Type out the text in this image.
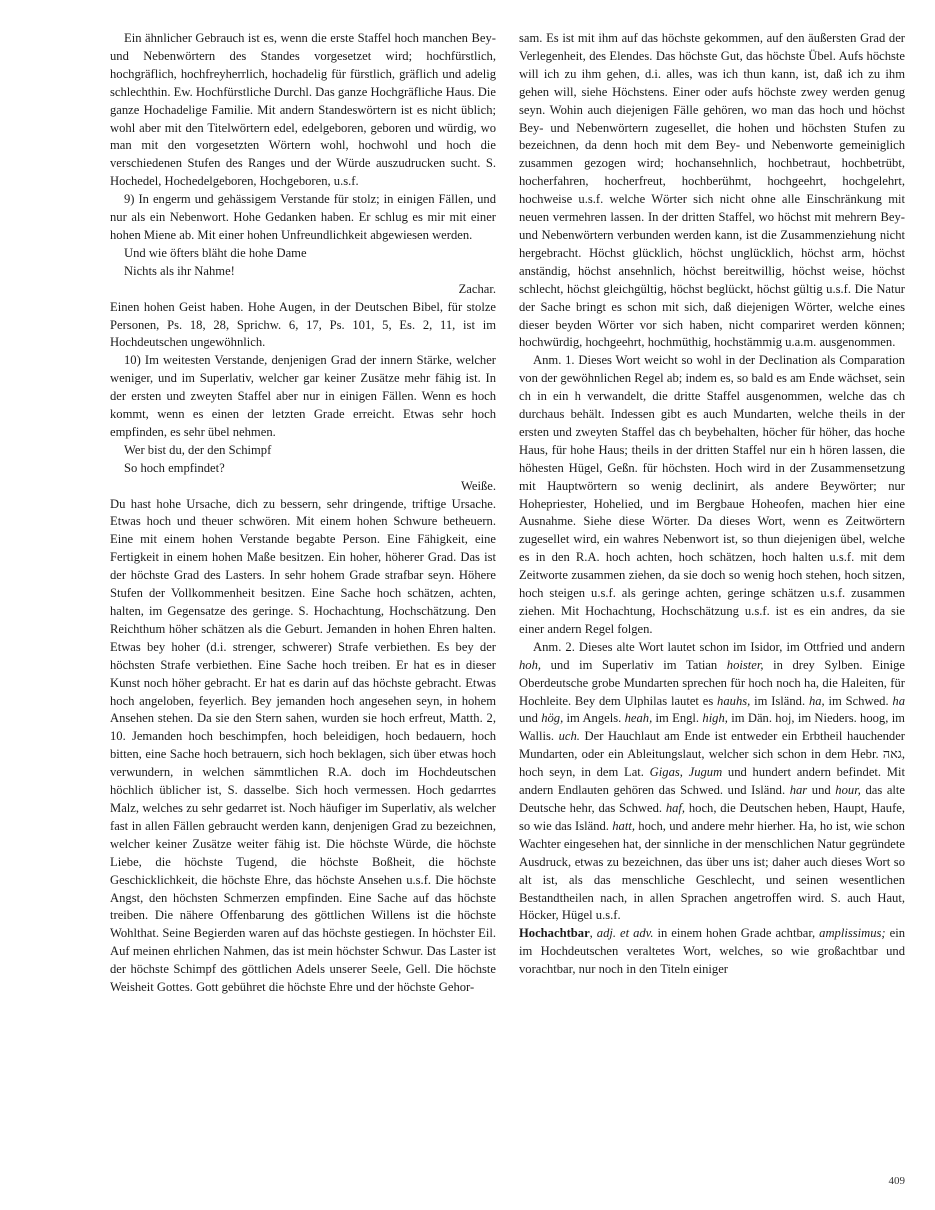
Ein ähnlicher Gebrauch ist es, wenn die erste Staffel hoch manchen Bey- und Nebenwörtern des Standes vorgesetzet wird; hochfürstlich, hochgräflich, hochfreyherrlich, hochadelig für fürstlich, gräflich und adelig schlechthin. Ew. Hochfürstliche Durchl. Das ganze Hochgräfliche Haus. Die ganze Hochadelige Familie. Mit andern Standeswörtern ist es nicht üblich; wohl aber mit den Titelwörtern edel, edelgeboren, geboren und würdig, wo man mit den vorgesetzten Wörtern wohl, hochwohl und hoch die verschiedenen Stufen des Ranges und der Würde auszudrucken sucht. S. Hochedel, Hochedelgeboren, Hochgeboren, u.s.f.

9) In engerm und gehässigem Verstande für stolz; in einigen Fällen, und nur als ein Nebenwort. Hohe Gedanken haben. Er schlug es mir mit einer hohen Miene ab. Mit einer hohen Unfreundlichkeit abgewiesen werden.

Und wie öfters bläht die hohe Dame

Nichts als ihr Nahme!

Zachar.

Einen hohen Geist haben. Hohe Augen, in der Deutschen Bibel, für stolze Personen, Ps. 18, 28, Sprichw. 6, 17, Ps. 101, 5, Es. 2, 11, ist im Hochdeutschen ungewöhnlich.

10) Im weitesten Verstande, denjenigen Grad der innern Stärke, welcher weniger, und im Superlativ, welcher gar keiner Zusätze mehr fähig ist. In der ersten und zweyten Staffel aber nur in einigen Fällen. Wenn es hoch kommt, wenn es einen der letzten Grade erreicht. Etwas sehr hoch empfinden, es sehr übel nehmen.

Wer bist du, der den Schimpf

So hoch empfindet?

Weiße.

Du hast hohe Ursache, dich zu bessern, sehr dringende, triftige Ursache. Etwas hoch und theuer schwören. Mit einem hohen Schwure betheuern. Eine mit einem hohen Verstande begabte Person. Eine Fähigkeit, eine Fertigkeit in einem hohen Maße besitzen. Ein hoher, höherer Grad. Das ist der höchste Grad des Lasters. In sehr hohem Grade strafbar seyn. Höhere Stufen der Vollkommenheit besitzen. Eine Sache hoch schätzen, achten, halten, im Gegensatze des geringe. S. Hochachtung, Hochschätzung. Den Reichthum höher schätzen als die Geburt. Jemanden in hohen Ehren halten. Etwas bey hoher (d.i. strenger, schwerer) Strafe verbiethen. Es bey der höchsten Strafe verbiethen. Eine Sache hoch treiben. Er hat es in dieser Kunst noch höher gebracht. Er hat es darin auf das höchste gebracht. Etwas hoch angeloben, feyerlich. Bey jemanden hoch angesehen seyn, in hohem Ansehen stehen. Da sie den Stern sahen, wurden sie hoch erfreut, Matth. 2, 10. Jemanden hoch beschimpfen, hoch beleidigen, hoch bedauern, hoch bitten, eine Sache hoch betrauern, sich hoch beklagen, sich über etwas hoch verwundern, in welchen sämmtlichen R.A. doch im Hochdeutschen höchlich üblicher ist, S. dasselbe. Sich hoch vermessen. Hoch gedarrtes Malz, welches zu sehr gedarret ist. Noch häufiger im Superlativ, als welcher fast in allen Fällen gebraucht werden kann, denjenigen Grad zu bezeichnen, welcher keiner Zusätze weiter fähig ist. Die höchste Würde, die höchste Liebe, die höchste Tugend, die höchste Boßheit, die höchste Geschicklichkeit, die höchste Ehre, das höchste Ansehen u.s.f. Die höchste Angst, den höchsten Schmerzen empfinden. Eine Sache auf das höchste treiben. Die nähere Offenbarung des göttlichen Willens ist die höchste Wohlthat. Seine Begierden waren auf das höchste gestiegen. In höchster Eil. Auf meinen ehrlichen Nahmen, das ist mein höchster Schwur. Das Laster ist der höchste Schimpf des göttlichen Adels unserer Seele, Gell. Die höchste Weisheit Gottes. Gott gebühret die höchste Ehre und der höchste Gehor-

sam. Es ist mit ihm auf das höchste gekommen, auf den äußersten Grad der Verlegenheit, des Elendes. Das höchste Gut, das höchste Übel. Aufs höchste will ich zu ihm gehen, d.i. alles, was ich thun kann, ist, daß ich zu ihm gehen will, siehe Höchstens. Einer oder aufs höchste zwey werden genug seyn. Wohin auch diejenigen Fälle gehören, wo man das hoch und höchst Bey- und Nebenwörtern zugesellet, die hohen und höchsten Stufen zu bezeichnen, da denn hoch mit dem Bey- und Nebenworte gemeiniglich zusammen gezogen wird; hochansehnlich, hochbetraut, hochbetrübt, hocherfahren, hocherfreut, hochberühmt, hochgeehrt, hochgelehrt, hochweise u.s.f. welche Wörter sich nicht ohne alle Einschränkung mit neuen vermehren lassen. In der dritten Staffel, wo höchst mit mehrern Bey- und Nebenwörtern verbunden werden kann, ist die Zusammenziehung nicht hergebracht. Höchst glücklich, höchst unglücklich, höchst arm, höchst anständig, höchst ansehnlich, höchst bereitwillig, höchst weise, höchst schlecht, höchst gleichgültig, höchst beglückt, höchst gültig u.s.f. Die Natur der Sache bringt es schon mit sich, daß diejenigen Wörter, welche eines dieser beyden Wörter vor sich haben, nicht compariret werden können; hochwürdig, hochgeehrt, hochmüthig, hochstämmig u.a.m. ausgenommen.

Anm. 1. Dieses Wort weicht so wohl in der Declination als Comparation von der gewöhnlichen Regel ab; indem es, so bald es am Ende wächset, sein ch in ein h verwandelt, die dritte Staffel ausgenommen, welche das ch durchaus behält. Indessen gibt es auch Mundarten, welche theils in der ersten und zweyten Staffel das ch beybehalten, höcher für höher, das hoche Haus, für hohe Haus; theils in der dritten Staffel nur ein h hören lassen, die höhesten Hügel, Geßn. für höchsten. Hoch wird in der Zusammensetzung mit Hauptwörtern so wenig declinirt, als andere Beywörter; nur Hohepriester, Hohelied, und im Bergbaue Hoheofen, machen hier eine Ausnahme. Siehe diese Wörter. Da dieses Wort, wenn es Zeitwörtern zugesellet wird, ein wahres Nebenwort ist, so thun diejenigen übel, welche es in den R.A. hoch achten, hoch schätzen, hoch halten u.s.f. mit dem Zeitworte zusammen ziehen, da sie doch so wenig hoch stehen, hoch sitzen, hoch steigen u.s.f. als geringe achten, geringe schätzen u.s.f. zusammen ziehen. Mit Hochachtung, Hochschätzung u.s.f. ist es ein andres, da sie einer andern Regel folgen.

Anm. 2. Dieses alte Wort lautet schon im Isidor, im Ottfried und andern hoh, und im Superlativ im Tatian hoister, in drey Sylben. Einige Oberdeutsche grobe Mundarten sprechen für hoch noch ha, die Haleiten, für Hochleite. Bey dem Ulphilas lautet es hauhs, im Isländ. ha, im Schwed. ha und hög, im Angels. heah, im Engl. high, im Dän. hoj, im Nieders. hoog, im Wallis. uch. Der Hauchlaut am Ende ist entweder ein Erbtheil hauchender Mundarten, oder ein Ableitungslaut, welcher sich schon in dem Hebr. גאה, hoch seyn, in dem Lat. Gigas, Jugum und hundert andern befindet. Mit andern Endlauten gehören das Schwed. und Isländ. har und hour, das alte Deutsche hehr, das Schwed. haf, hoch, die Deutschen heben, Haupt, Haufe, so wie das Isländ. hatt, hoch, und andere mehr hierher. Ha, ho ist, wie schon Wachter eingesehen hat, der sinnliche in der menschlichen Natur gegründete Ausdruck, etwas zu bezeichnen, das über uns ist; daher auch dieses Wort so alt ist, als das menschliche Geschlecht, und seinen wesentlichen Bestandtheilen nach, in allen Sprachen angetroffen wird. S. auch Haut, Höcker, Hügel u.s.f.

Hochachtbar, adj. et adv. in einem hohen Grade achtbar, amplissimus; ein im Hochdeutschen veraltetes Wort, welches, so wie großachtbar und vorachtbar, nur noch in den Titeln einiger

409
